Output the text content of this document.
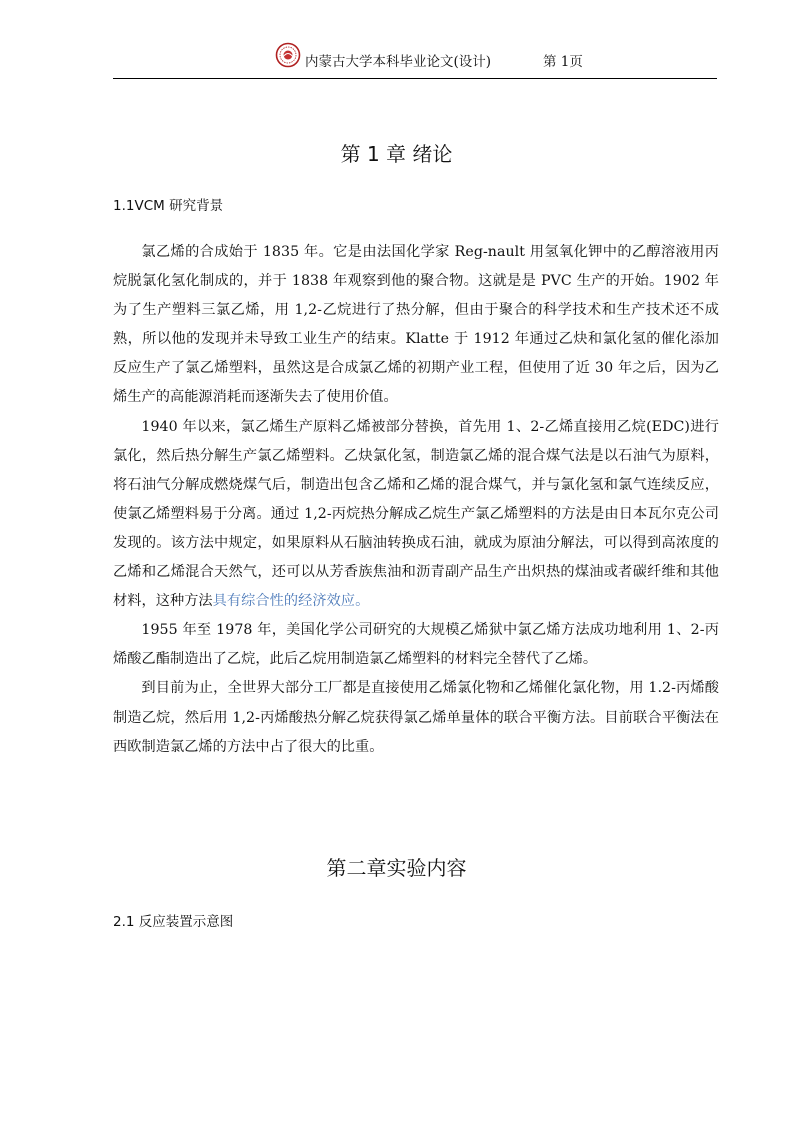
内蒙古大学本科毕业论文(设计)	第 1页
第 1 章 绪论
1.1VCM 研究背景

氯乙烯的合成始于 1835 年。它是由法国化学家 Reg-nault 用氢氧化钾中的乙醇溶液用丙烷脱氯化氢化制成的，并于 1838 年观察到他的聚合物。这就是是 PVC 生产的开始。1902 年为了生产塑料三氯乙烯，用 1,2-乙烷进行了热分解，但由于聚合的科学技术和生产技术还不成熟，所以他的发现并未导致工业生产的结束。Klatte 于 1912 年通过乙炔和氯化氢的催化添加反应生产了氯乙烯塑料，虽然这是合成氯乙烯的初期产业工程，但使用了近 30 年之后，因为乙烯生产的高能源消耗而逐渐失去了使用价值。

1940 年以来，氯乙烯生产原料乙烯被部分替换，首先用 1、2-乙烯直接用乙烷(EDC)进行氯化，然后热分解生产氯乙烯塑料。乙炔氯化氢，制造氯乙烯的混合煤气法是以石油气为原料，将石油气分解成燃烧煤气后，制造出包含乙烯和乙烯的混合煤气，并与氯化氢和氯气连续反应，使氯乙烯塑料易于分离。通过 1,2-丙烷热分解成乙烷生产氯乙烯塑料的方法是由日本瓦尔克公司发现的。该方法中规定，如果原料从石脑油转换成石油，就成为原油分解法，可以得到高浓度的乙烯和乙烯混合天然气，还可以从芳香族焦油和沥青副产品生产出炽热的煤油或者碳纤维和其他材料，这种方法具有综合性的经济效应。

1955 年至 1978 年，美国化学公司研究的大规模乙烯狱中氯乙烯方法成功地利用 1、2-丙烯酸乙酯制造出了乙烷，此后乙烷用制造氯乙烯塑料的材料完全替代了乙烯。

到目前为止，全世界大部分工厂都是直接使用乙烯氯化物和乙烯催化氯化物，用 1.2-丙烯酸制造乙烷，然后用 1,2-丙烯酸热分解乙烷获得氯乙烯单量体的联合平衡方法。目前联合平衡法在西欧制造氯乙烯的方法中占了很大的比重。

第二章实验内容
2.1 反应装置示意图
